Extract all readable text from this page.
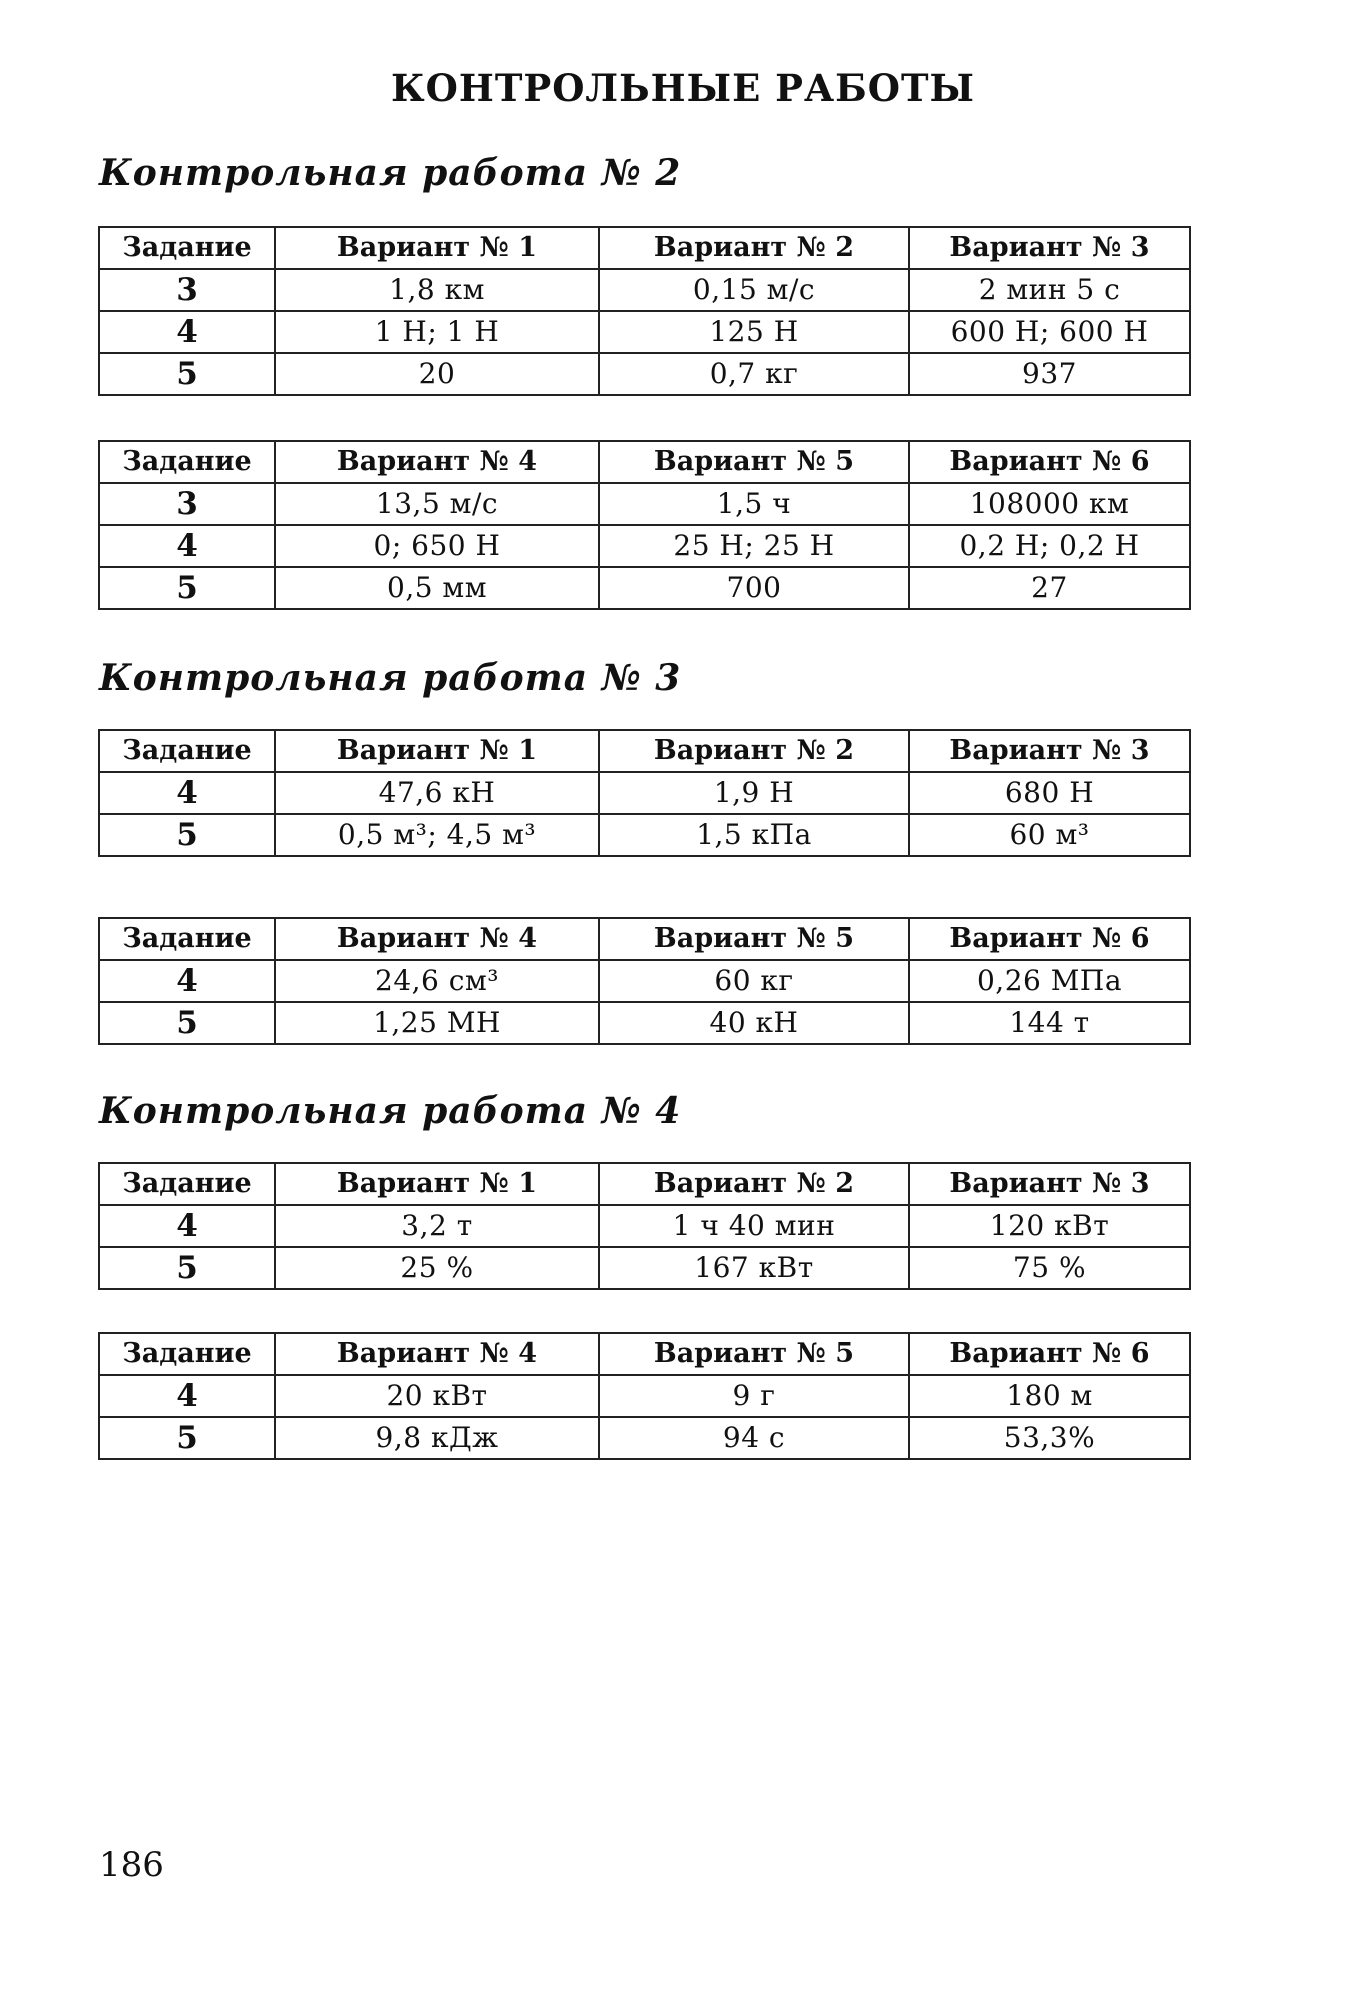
КОНТРОЛЬНЫЕ РАБОТЫ
Контрольная работа № 2
Задание	Вариант № 1	Вариант № 2	Вариант № 3
3	1,8 км	0,15 м/с	2 мин 5 с
4	1 Н; 1 Н	125 Н	600 Н; 600 Н
5	20	0,7 кг	937
Задание	Вариант № 4	Вариант № 5	Вариант № 6
3	13,5 м/с	1,5 ч	108000 км
4	0; 650 Н	25 Н; 25 Н	0,2 Н; 0,2 Н
5	0,5 мм	700	27
Контрольная работа № 3
Задание	Вариант № 1	Вариант № 2	Вариант № 3
4	47,6 кН	1,9 Н	680 Н
5	0,5 м³; 4,5 м³	1,5 кПа	60 м³
Задание	Вариант № 4	Вариант № 5	Вариант № 6
4	24,6 см³	60 кг	0,26 МПа
5	1,25 МН	40 кН	144 т
Контрольная работа № 4
Задание	Вариант № 1	Вариант № 2	Вариант № 3
4	3,2 т	1 ч 40 мин	120 кВт
5	25 %	167 кВт	75 %
Задание	Вариант № 4	Вариант № 5	Вариант № 6
4	20 кВт	9 г	180 м
5	9,8 кДж	94 с	53,3%

186
